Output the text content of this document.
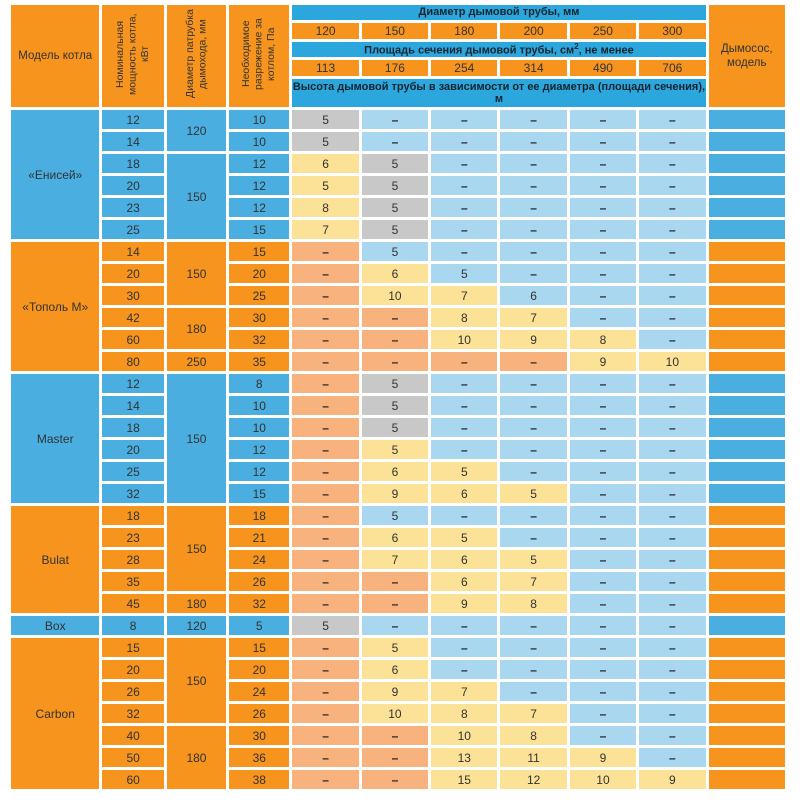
Модель котла	Номинальная мощность котла, кВт	Диаметр патрубка дымохода, мм	Необходимое разрежение за котлом, Па	Диаметр дымовой трубы, мм						Дымосос, модель
				120	150	180	200	250	300	
				Площадь сечения дымовой трубы, $см^2$, не менее						
				113	176	254	314	490	706	
				Высота дымовой трубы в зависимости от ее диаметра (площади сечения), м						
«Енисей»	12	120	10	5	–	–	–	–	–	
	14		10	5	–	–	–	–	–	
	18	150	12	6	5	–	–	–	–	
	20		12	5	5	–	–	–	–	
	23		12	8	5	–	–	–	–	
	25		15	7	5	–	–	–	–	
«Тополь М»	14	150	15	–	5	–	–	–	–	
	20		20	–	6	5	–	–	–	
	30		25	–	10	7	6	–	–	
	42	180	30	–	–	8	7	–	–	
	60		32	–	–	10	9	8	–	
	80	250	35	–	–	–	–	9	10	
Master	12	150	8	–	5	–	–	–	–	
	14		10	–	5	–	–	–	–	
	18		10	–	5	–	–	–	–	
	20		12	–	5	–	–	–	–	
	25		12	–	6	5	–	–	–	
	32		15	–	9	6	5	–	–	
Bulat	18	150	18	–	5	–	–	–	–	
	23		21	–	6	5	–	–	–	
	28		24	–	7	6	5	–	–	
	35		26	–	–	6	7	–	–	
	45	180	32	–	–	9	8	–	–	
Box	8	120	5	5	–	–	–	–	–	
Carbon	15	150	15	–	5	–	–	–	–	
	20		20	–	6	–	–	–	–	
	26		24	–	9	7	–	–	–	
	32		26	–	10	8	7	–	–	
	40	180	30	–	–	10	8	–	–	
	50		36	–	–	13	11	9	–	
	60		38	–	–	15	12	10	9	
